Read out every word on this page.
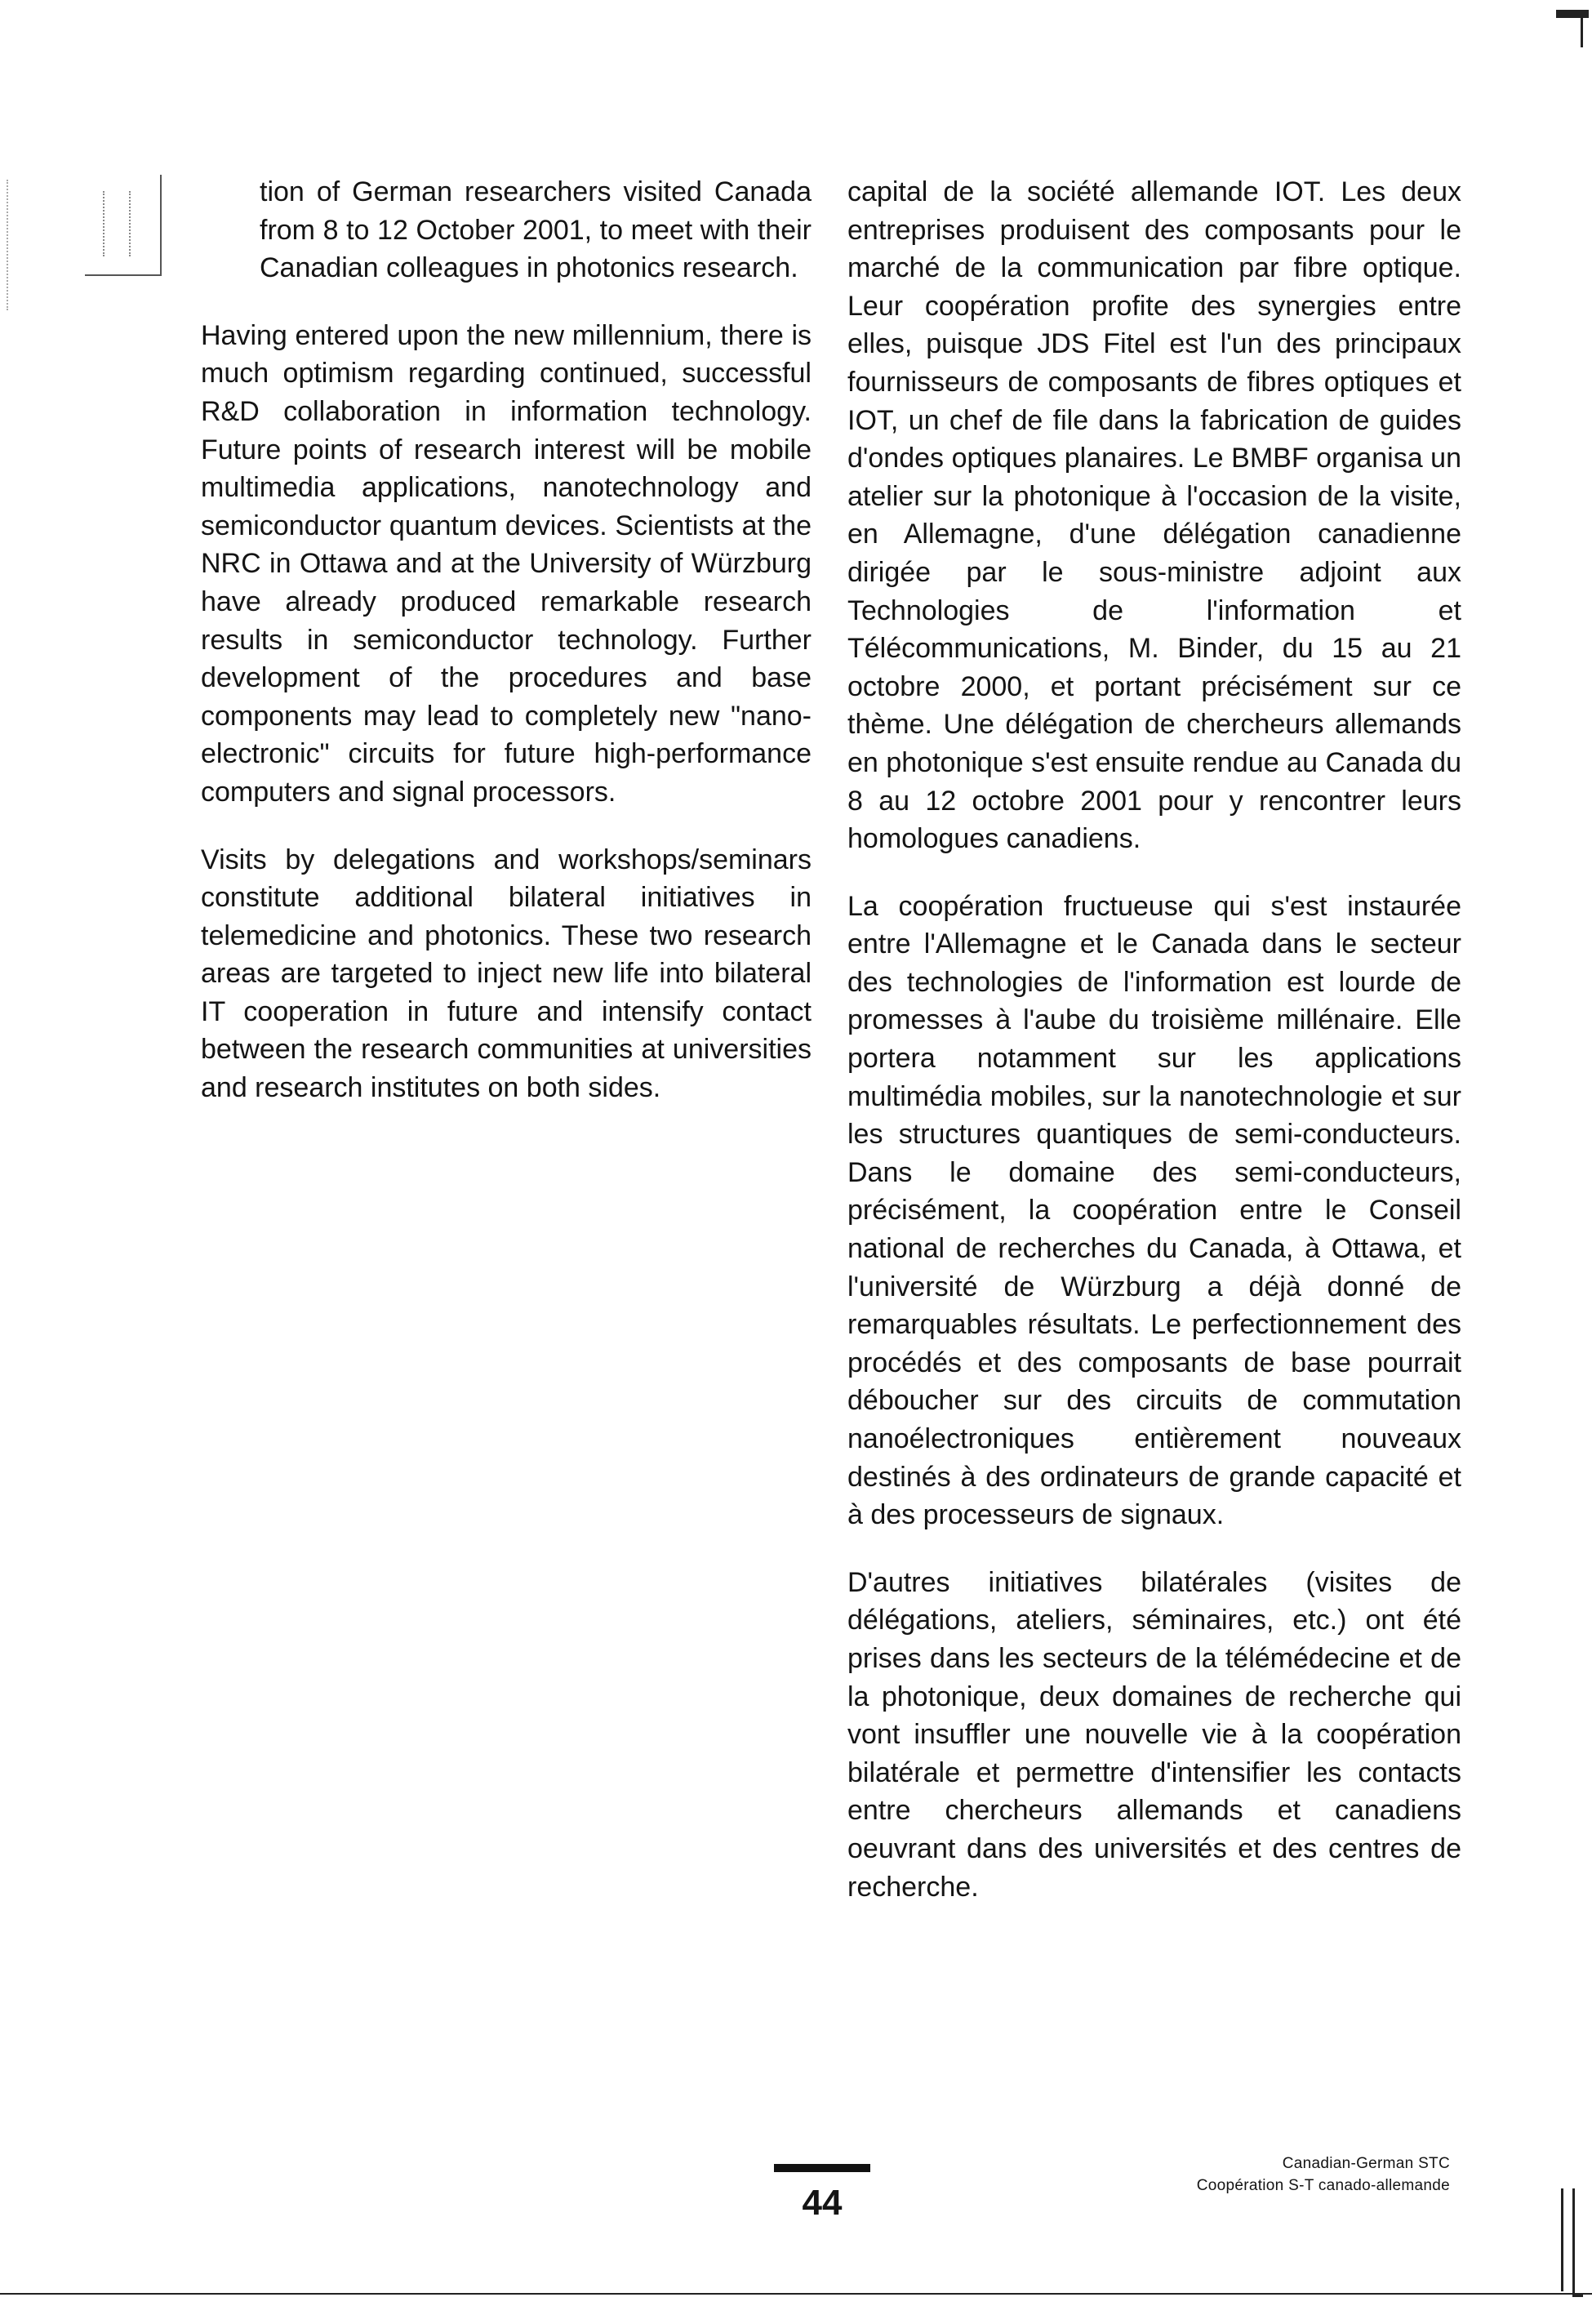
tion of German researchers visited Canada from 8 to 12 October 2001, to meet with their Canadian colleagues in photonics research.

Having entered upon the new millennium, there is much optimism regarding continued, successful R&D collaboration in information technology. Future points of research interest will be mobile multimedia applications, nanotechnology and semiconductor quantum devices. Scientists at the NRC in Ottawa and at the University of Würzburg have already produced remarkable research results in semiconductor technology. Further development of the procedures and base components may lead to completely new "nano-electronic" circuits for future high-performance computers and signal processors.

Visits by delegations and workshops/seminars constitute additional bilateral initiatives in telemedicine and photonics. These two research areas are targeted to inject new life into bilateral IT cooperation in future and intensify contact between the research communities at universities and research institutes on both sides.

capital de la société allemande IOT. Les deux entreprises produisent des composants pour le marché de la communication par fibre optique. Leur coopération profite des synergies entre elles, puisque JDS Fitel est l'un des principaux fournisseurs de composants de fibres optiques et IOT, un chef de file dans la fabrication de guides d'ondes optiques planaires. Le BMBF organisa un atelier sur la photonique à l'occasion de la visite, en Allemagne, d'une délégation canadienne dirigée par le sous-ministre adjoint aux Technologies de l'information et Télécommunications, M. Binder, du 15 au 21 octobre 2000, et portant précisément sur ce thème. Une délégation de chercheurs allemands en photonique s'est ensuite rendue au Canada du 8 au 12 octobre 2001 pour y rencontrer leurs homologues canadiens.

La coopération fructueuse qui s'est instaurée entre l'Allemagne et le Canada dans le secteur des technologies de l'information est lourde de promesses à l'aube du troisième millénaire. Elle portera notamment sur les applications multimédia mobiles, sur la nanotechnologie et sur les structures quantiques de semi-conducteurs. Dans le domaine des semi-conducteurs, précisément, la coopération entre le Conseil national de recherches du Canada, à Ottawa, et l'université de Würzburg a déjà donné de remarquables résultats. Le perfectionnement des procédés et des composants de base pourrait déboucher sur des circuits de commutation nanoélectroniques entièrement nouveaux destinés à des ordinateurs de grande capacité et à des processeurs de signaux.

D'autres initiatives bilatérales (visites de délégations, ateliers, séminaires, etc.) ont été prises dans les secteurs de la télémédecine et de la photonique, deux domaines de recherche qui vont insuffler une nouvelle vie à la coopération bilatérale et permettre d'intensifier les contacts entre chercheurs allemands et canadiens oeuvrant dans des universités et des centres de recherche.

44
Canadian-German STC
Coopération S-T canado-allemande
